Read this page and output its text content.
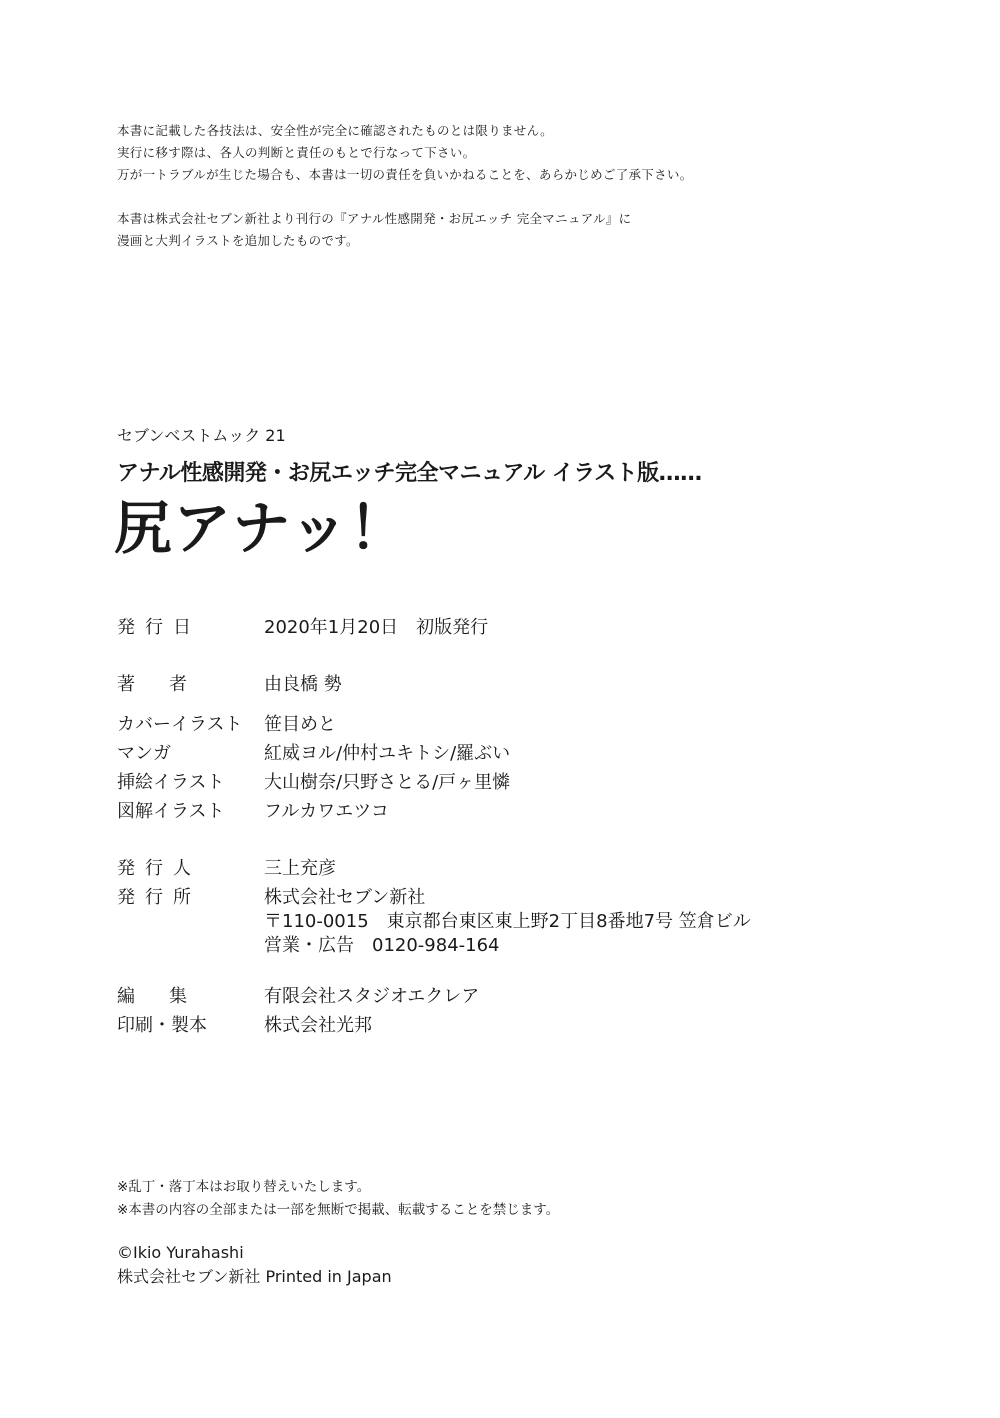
本書に記載した各技法は、安全性が完全に確認されたものとは限りません。
実行に移す際は、各人の判断と責任のもとで行なって下さい。
万が一トラブルが生じた場合も、本書は一切の責任を負いかねることを、あらかじめご了承下さい。
本書は株式会社セブン新社より刊行の『アナル性感開発・お尻エッチ 完全マニュアル』に
漫画と大判イラストを追加したものです。
セブンベストムック 21
アナル性感開発・お尻エッチ完全マニュアル イラスト版……
尻アナッ！
発行日	2020年1月20日　初版発行
著者 由良橋 勢
カバーイラスト 笹目めと
マンガ	紅威ヨル/仲村ユキトシ/羅ぶい
挿絵イラスト 大山樹奈/只野さとる/戸ヶ里憐
図解イラスト フルカワエツコ
発行人	三上充彦
発行所	株式会社セブン新社
〒110-0015　東京都台東区東上野2丁目8番地7号 笠倉ビル
営業・広告　0120-984-164
編集 有限会社スタジオエクレア
印刷・製本	株式会社光邦
※乱丁・落丁本はお取り替えいたします。
※本書の内容の全部または一部を無断で掲載、転載することを禁じます。
©Ikio Yurahashi
株式会社セブン新社 Printed in Japan
